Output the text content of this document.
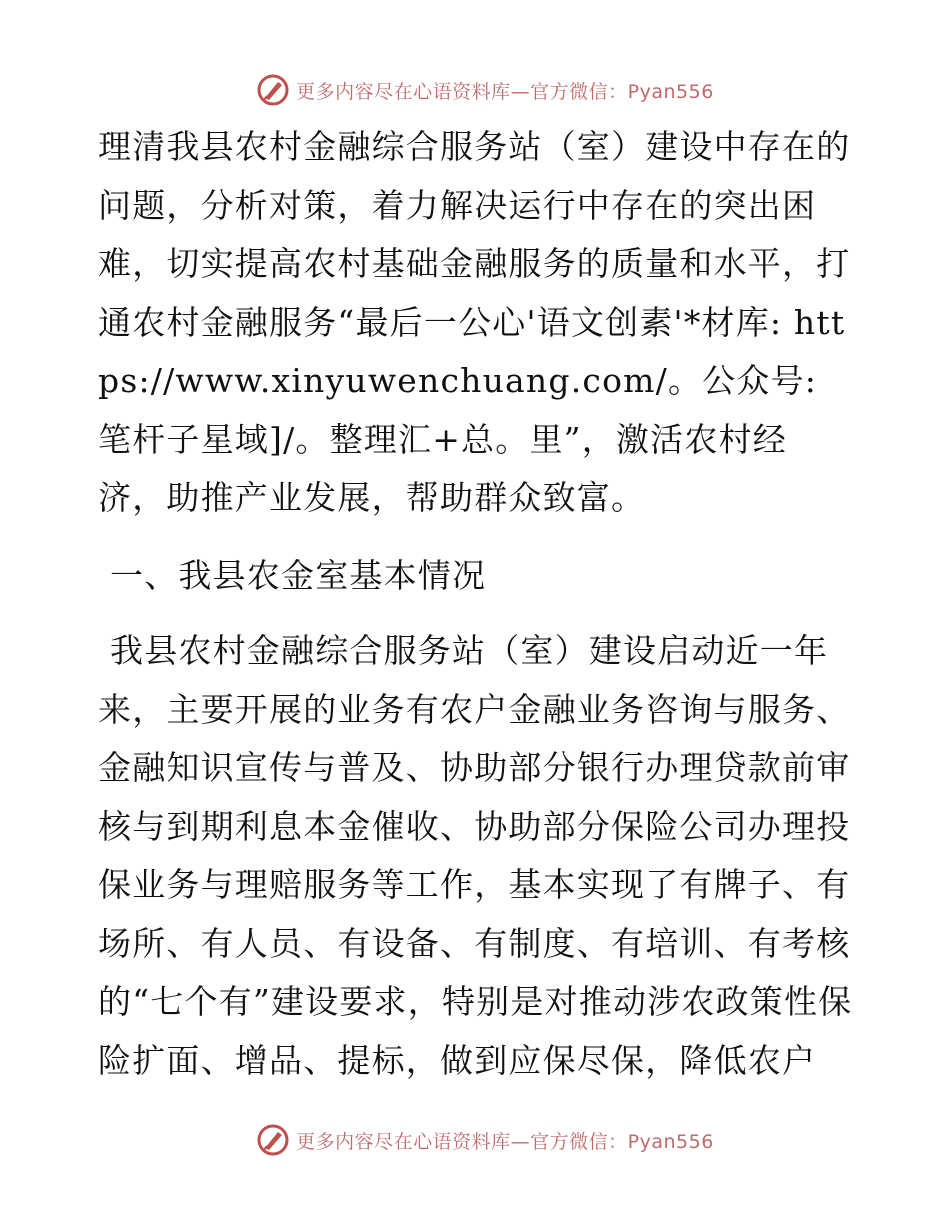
更多内容尽在心语资料库—官方微信：Pyan556

理清我县农村金融综合服务站（室）建设中存在的问题，分析对策，着力解决运行中存在的突出困难，切实提高农村基础金融服务的质量和水平，打通农村金融服务“最后一公心'语文创素'*材库: https://www.xinyuwenchuang.com/。公众号: 笔杆子星域]/。整理汇+总。里”，激活农村经济，助推产业发展，帮助群众致富。

一、我县农金室基本情况

我县农村金融综合服务站（室）建设启动近一年来，主要开展的业务有农户金融业务咨询与服务、金融知识宣传与普及、协助部分银行办理贷款前审核与到期利息本金催收、协助部分保险公司办理投保业务与理赔服务等工作，基本实现了有牌子、有场所、有人员、有设备、有制度、有培训、有考核的“七个有”建设要求，特别是对推动涉农政策性保险扩面、增品、提标，做到应保尽保，降低农户

更多内容尽在心语资料库—官方微信：Pyan556
